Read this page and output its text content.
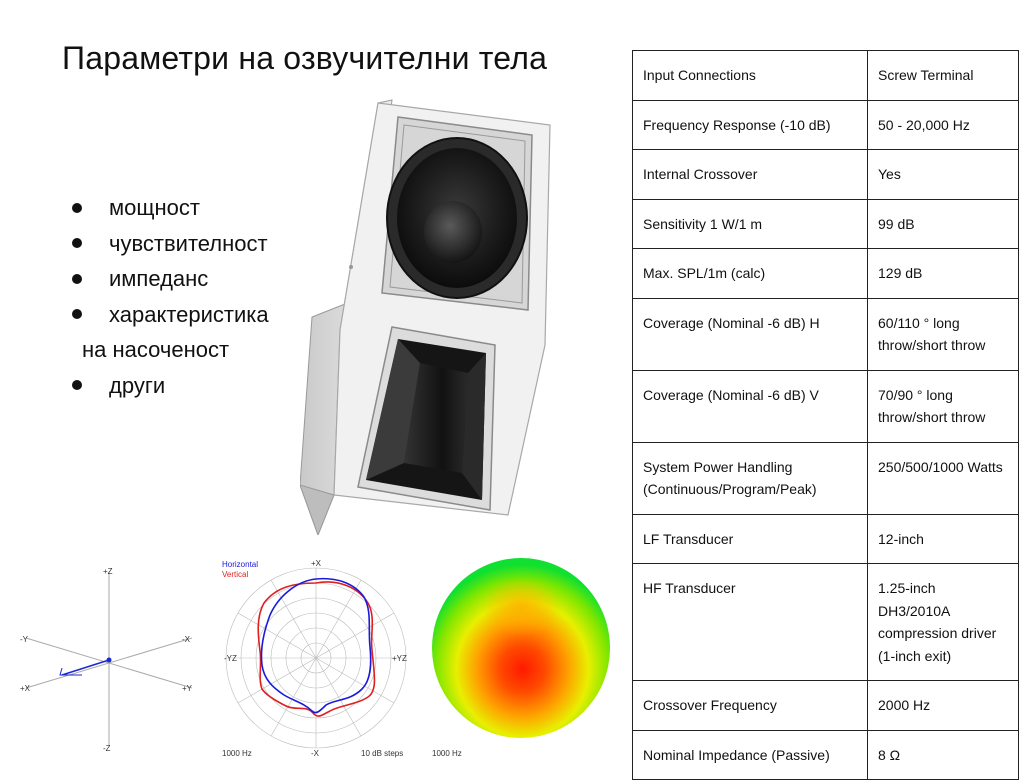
Параметри на озвучителни тела
мощност
чувствителност
импеданс
характеристика
на насоченост
други
Input Connections	Screw Terminal
Frequency Response (-10 dB)	50 - 20,000 Hz
Internal Crossover	Yes
Sensitivity 1 W/1 m	99 dB
Max. SPL/1m (calc)	129 dB
Coverage (Nominal -6 dB) H	60/110 ° long throw/short throw
Coverage (Nominal -6 dB) V	70/90 ° long throw/short throw
System Power Handling (Continuous/Program/Peak)	250/500/1000 Watts
LF Transducer	12-inch
HF Transducer	1.25-inch DH3/2010A compression driver (1-inch exit)
Crossover Frequency	2000 Hz
Nominal Impedance (Passive)	8 Ω
+Z
-Z
-Y
+Y
+X
-X
Horizontal
Vertical
+X
-X
-YZ	+YZ
1000 Hz	10 dB steps	1000 Hz
